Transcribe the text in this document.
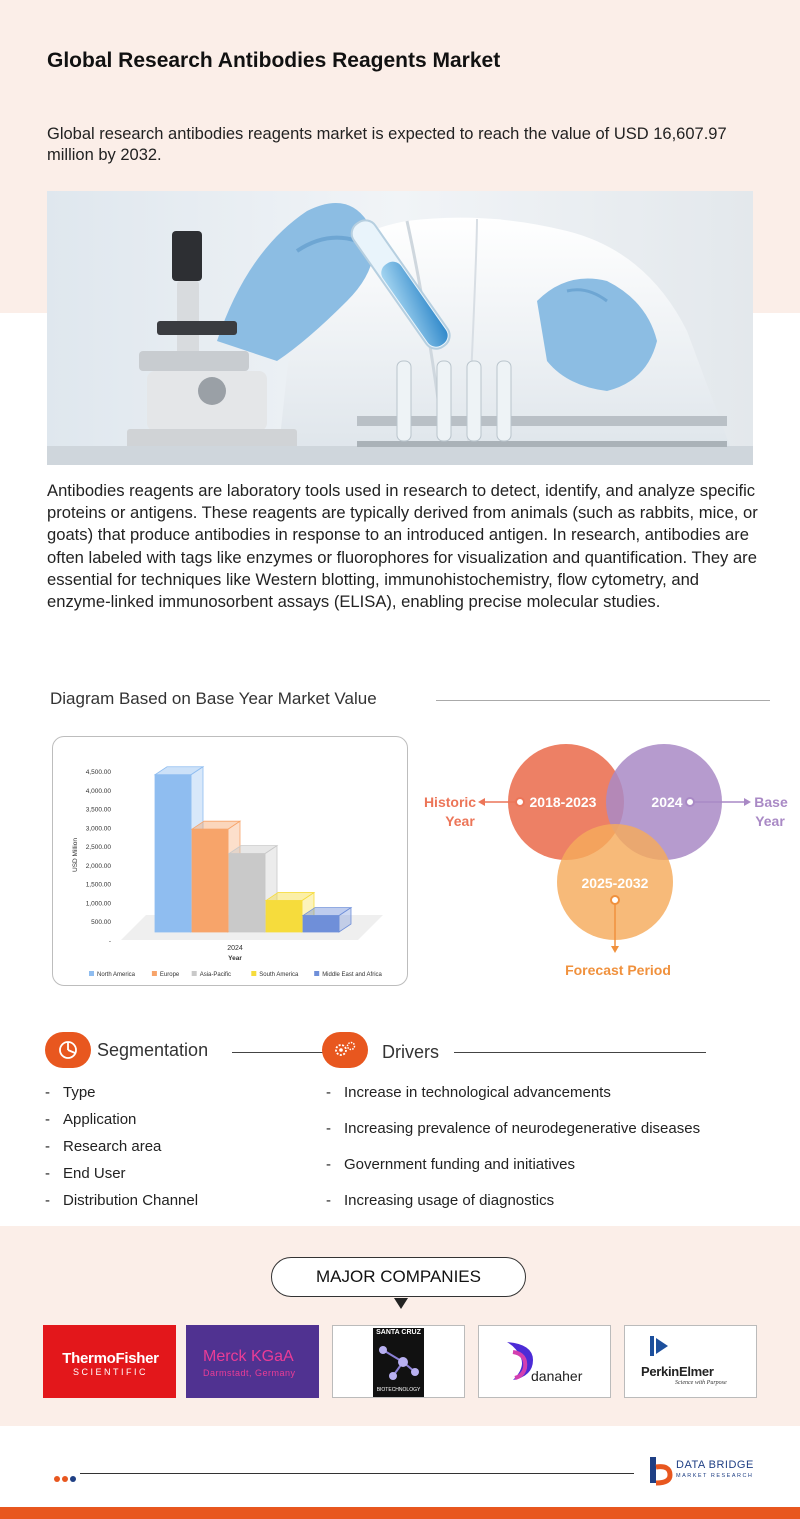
Global Research Antibodies Reagents Market

Global research antibodies reagents market is expected to reach the value of USD 16,607.97 million by 2032.

Antibodies reagents are laboratory tools used in research to detect, identify, and analyze specific proteins or antigens. These reagents are typically derived from animals (such as rabbits, mice, or goats) that produce antibodies in response to an introduced antigen. In research, antibodies are often labeled with tags like enzymes or fluorophores for visualization and quantification. They are essential for techniques like Western blotting, immunohistochemistry, flow cytometry, and enzyme-linked immunosorbent assays (ELISA), enabling precise molecular studies.

Diagram Based on Base Year Market Value
-
500.00
1,000.00
1,500.00
2,000.00
2,500.00
3,000.00
3,500.00
4,000.00
4,500.00
USD Million
2024
Year
North America	Europe	Asia-Pacific	South America	Middle East and Africa
2018-2023	2024
2025-2032
Historic
Year
Base
Year
Forecast Period
Segmentation
- Type
- Application
- Research area
- End User
- Distribution Channel
Drivers
- Increase in technological advancements
- Increasing prevalence of neurodegenerative diseases
- Government funding and initiatives
- Increasing usage of diagnostics
MAJOR COMPANIES
ThermoFisher
SCIENTIFIC
Merck KGaA
Darmstadt, Germany
SANTA CRUZ
BIOTECHNOLOGY
danaher	PerkinElmer
Science with Purpose
DATA BRIDGE
MARKET RESEARCH
